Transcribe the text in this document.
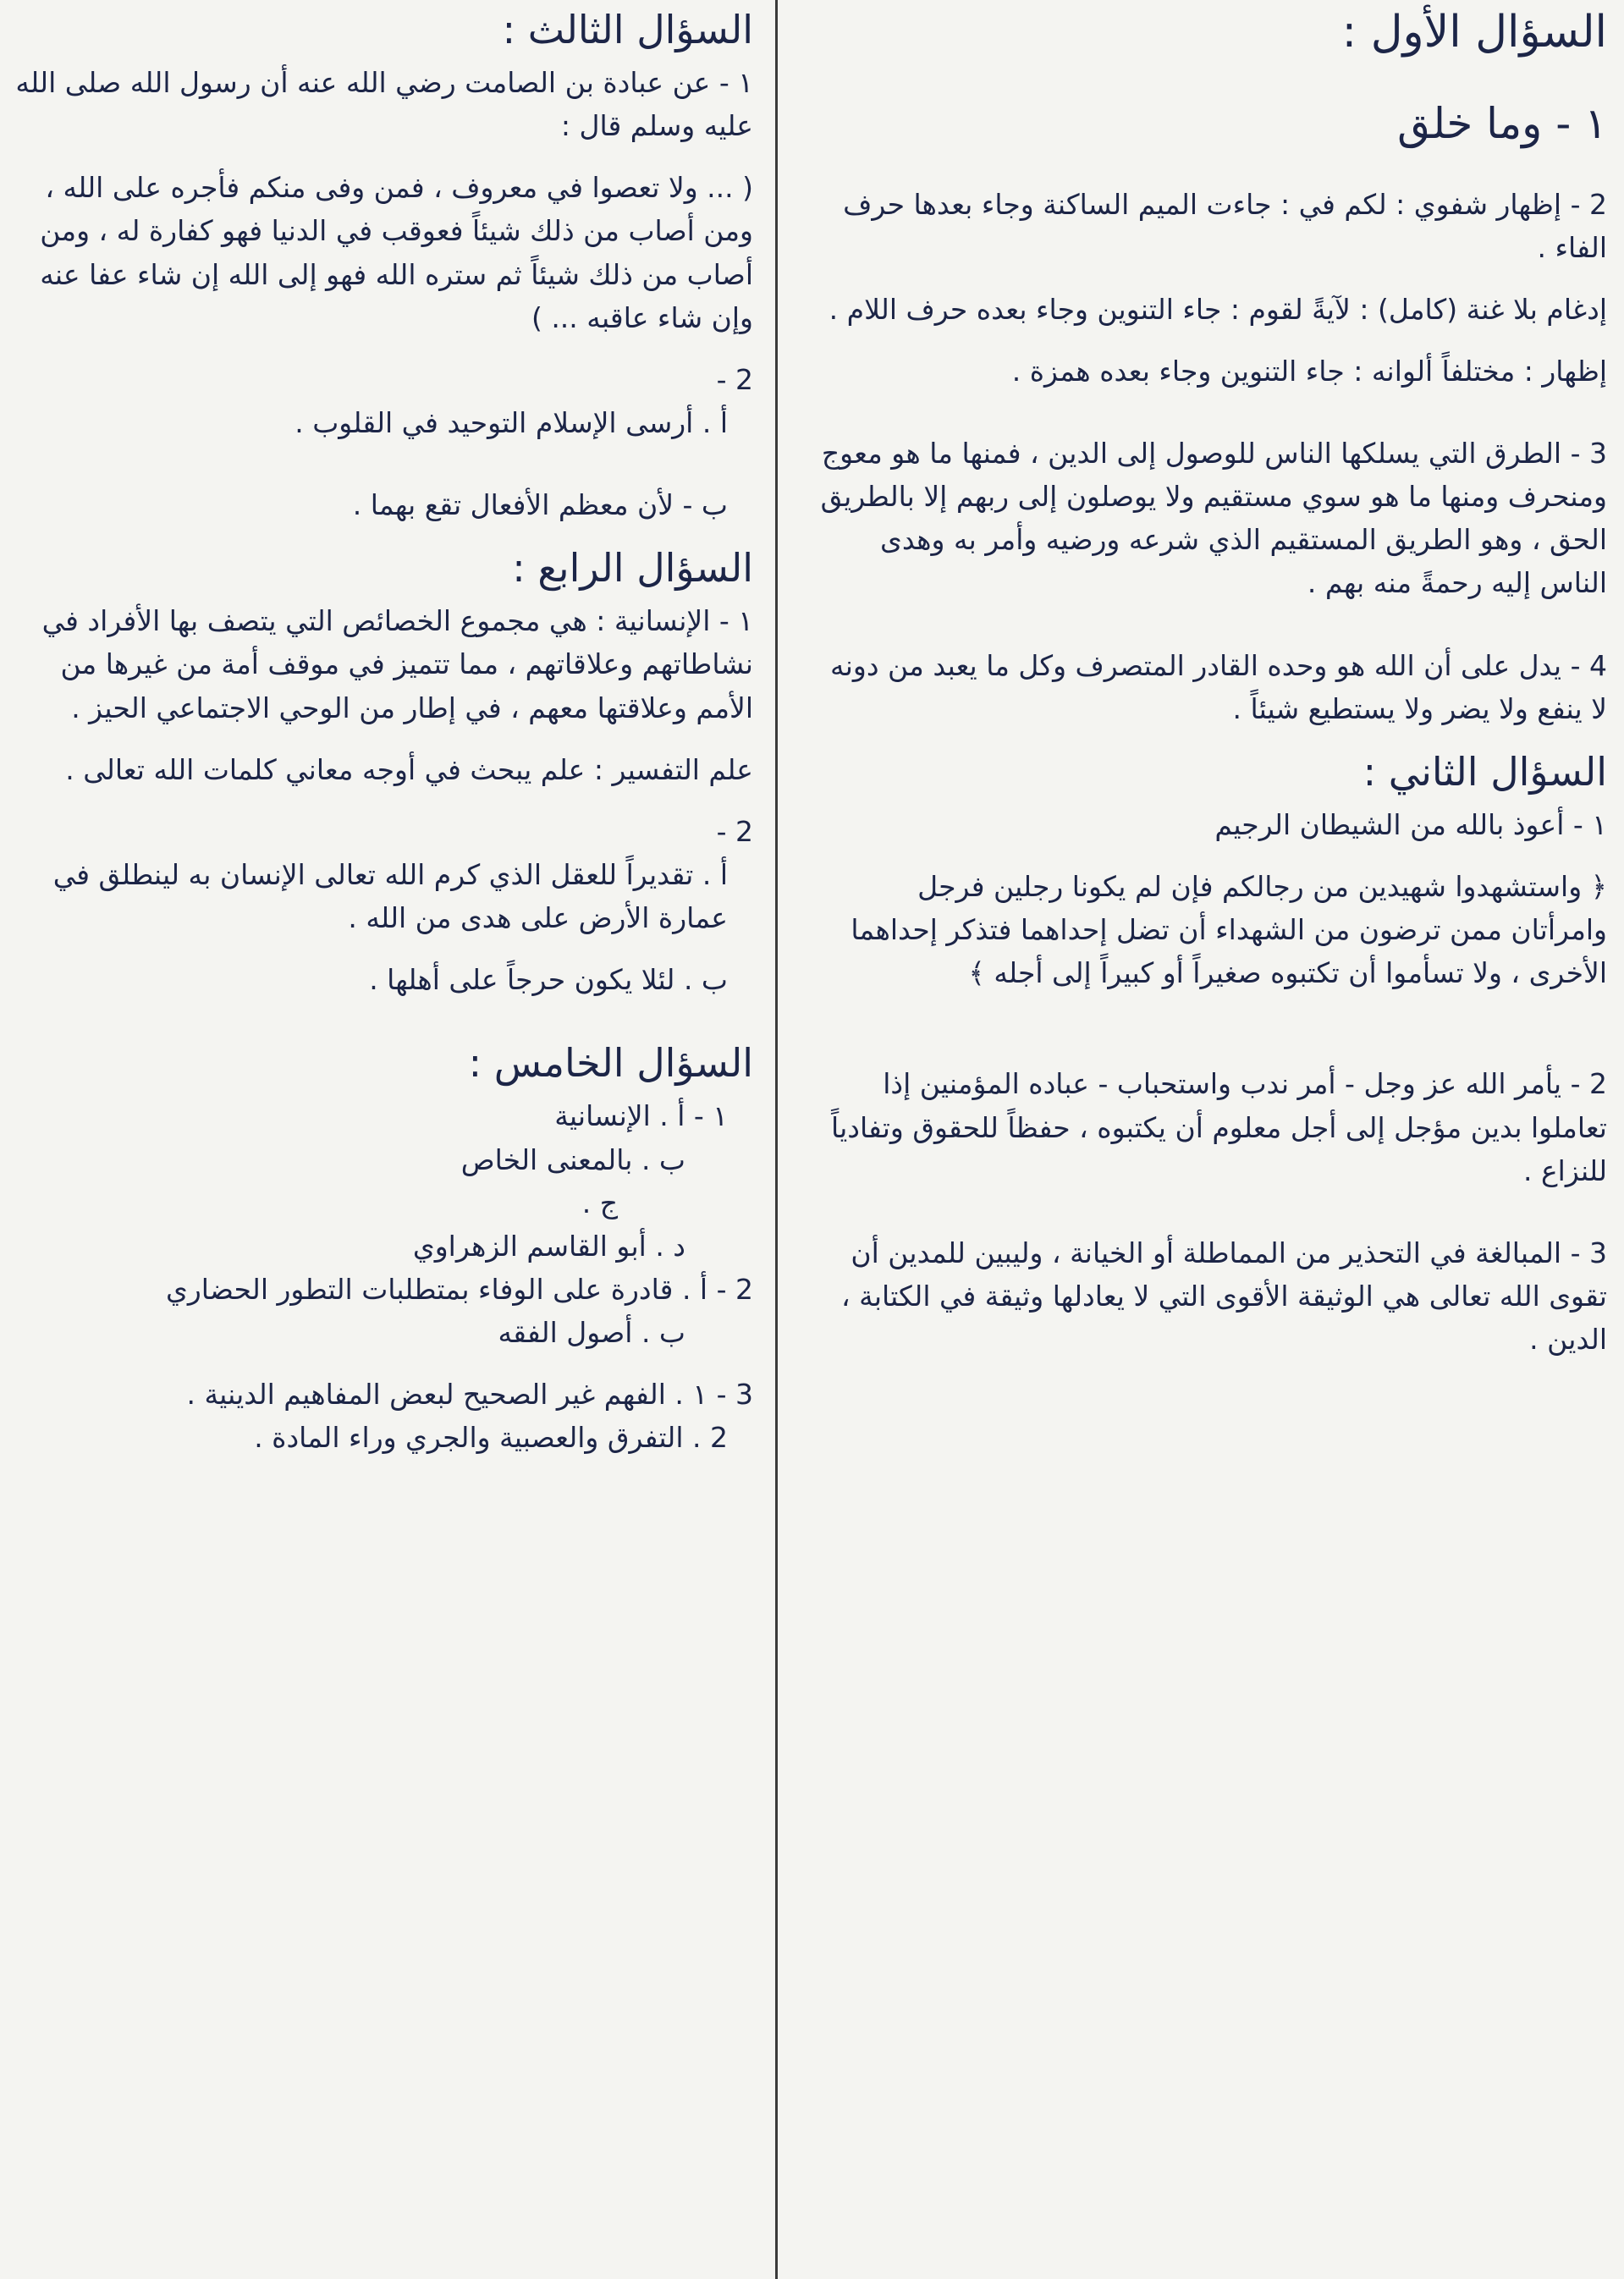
السؤال الأول :

١ - وما خلق

2 - إظهار شفوي : لكم في : جاءت الميم الساكنة وجاء بعدها حرف الفاء .

إدغام بلا غنة (كامل) : لآيةً لقوم : جاء التنوين وجاء بعده حرف اللام .

إظهار : مختلفاً ألوانه : جاء التنوين وجاء بعده همزة .

3 - الطرق التي يسلكها الناس للوصول إلى الدين ، فمنها ما هو معوج ومنحرف ومنها ما هو سوي مستقيم ولا يوصلون إلى ربهم إلا بالطريق الحق ، وهو الطريق المستقيم الذي شرعه ورضيه وأمر به وهدى الناس إليه رحمةً منه بهم .

4 - يدل على أن الله هو وحده القادر المتصرف وكل ما يعبد من دونه لا ينفع ولا يضر ولا يستطيع شيئاً .

السؤال الثاني :

١ - أعوذ بالله من الشيطان الرجيم

﴿ واستشهدوا شهيدين من رجالكم فإن لم يكونا رجلين فرجل وامرأتان ممن ترضون من الشهداء أن تضل إحداهما فتذكر إحداهما الأخرى ، ولا تسأموا أن تكتبوه صغيراً أو كبيراً إلى أجله ﴾

2 - يأمر الله عز وجل - أمر ندب واستحباب - عباده المؤمنين إذا تعاملوا بدين مؤجل إلى أجل معلوم أن يكتبوه ، حفظاً للحقوق وتفادياً للنزاع .

3 - المبالغة في التحذير من المماطلة أو الخيانة ، وليبين للمدين أن تقوى الله تعالى هي الوثيقة الأقوى التي لا يعادلها وثيقة في الكتابة ، الدين .

السؤال الثالث :

١ - عن عبادة بن الصامت رضي الله عنه أن رسول الله صلى الله عليه وسلم قال :

( ... ولا تعصوا في معروف ، فمن وفى منكم فأجره على الله ، ومن أصاب من ذلك شيئاً فعوقب في الدنيا فهو كفارة له ، ومن أصاب من ذلك شيئاً ثم ستره الله فهو إلى الله إن شاء عفا عنه وإن شاء عاقبه ... )

2 -

أ . أرسى الإسلام التوحيد في القلوب .

ب - لأن معظم الأفعال تقع بهما .

السؤال الرابع :

١ - الإنسانية : هي مجموع الخصائص التي يتصف بها الأفراد في نشاطاتهم وعلاقاتهم ، مما تتميز في موقف أمة من غيرها من الأمم وعلاقتها معهم ، في إطار من الوحي الاجتماعي الحيز .

علم التفسير : علم يبحث في أوجه معاني كلمات الله تعالى .

2 -

أ . تقديراً للعقل الذي كرم الله تعالى الإنسان به لينطلق في عمارة الأرض على هدى من الله .

ب . لئلا يكون حرجاً على أهلها .

السؤال الخامس :

١ - أ . الإنسانية

ب . بالمعنى الخاص

ج .

د . أبو القاسم الزهراوي

2 - أ . قادرة على الوفاء بمتطلبات التطور الحضاري

ب . أصول الفقه

3 - ١ . الفهم غير الصحيح لبعض المفاهيم الدينية .

2 . التفرق والعصبية والجري وراء المادة .
